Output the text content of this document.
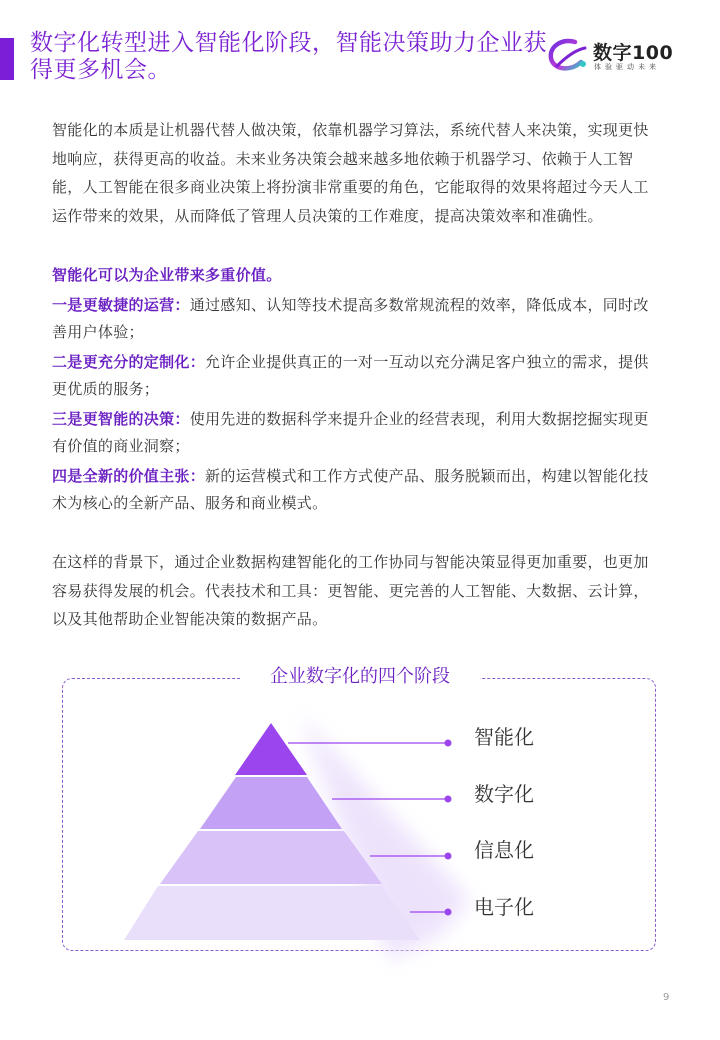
数字化转型进入智能化阶段，智能决策助力企业获得更多机会。
数字100
体验驱动未来

智能化的本质是让机器代替人做决策，依靠机器学习算法，系统代替人来决策，实现更快地响应，获得更高的收益。未来业务决策会越来越多地依赖于机器学习、依赖于人工智能，人工智能在很多商业决策上将扮演非常重要的角色，它能取得的效果将超过今天人工运作带来的效果，从而降低了管理人员决策的工作难度，提高决策效率和准确性。

智能化可以为企业带来多重价值。
一是更敏捷的运营：通过感知、认知等技术提高多数常规流程的效率，降低成本，同时改善用户体验；
二是更充分的定制化：允许企业提供真正的一对一互动以充分满足客户独立的需求，提供更优质的服务；
三是更智能的决策：使用先进的数据科学来提升企业的经营表现，利用大数据挖掘实现更有价值的商业洞察；
四是全新的价值主张：新的运营模式和工作方式使产品、服务脱颖而出，构建以智能化技术为核心的全新产品、服务和商业模式。

在这样的背景下，通过企业数据构建智能化的工作协同与智能决策显得更加重要，也更加容易获得发展的机会。代表技术和工具：更智能、更完善的人工智能、大数据、云计算，以及其他帮助企业智能决策的数据产品。

企业数字化的四个阶段
智能化
数字化
信息化
电子化
9
